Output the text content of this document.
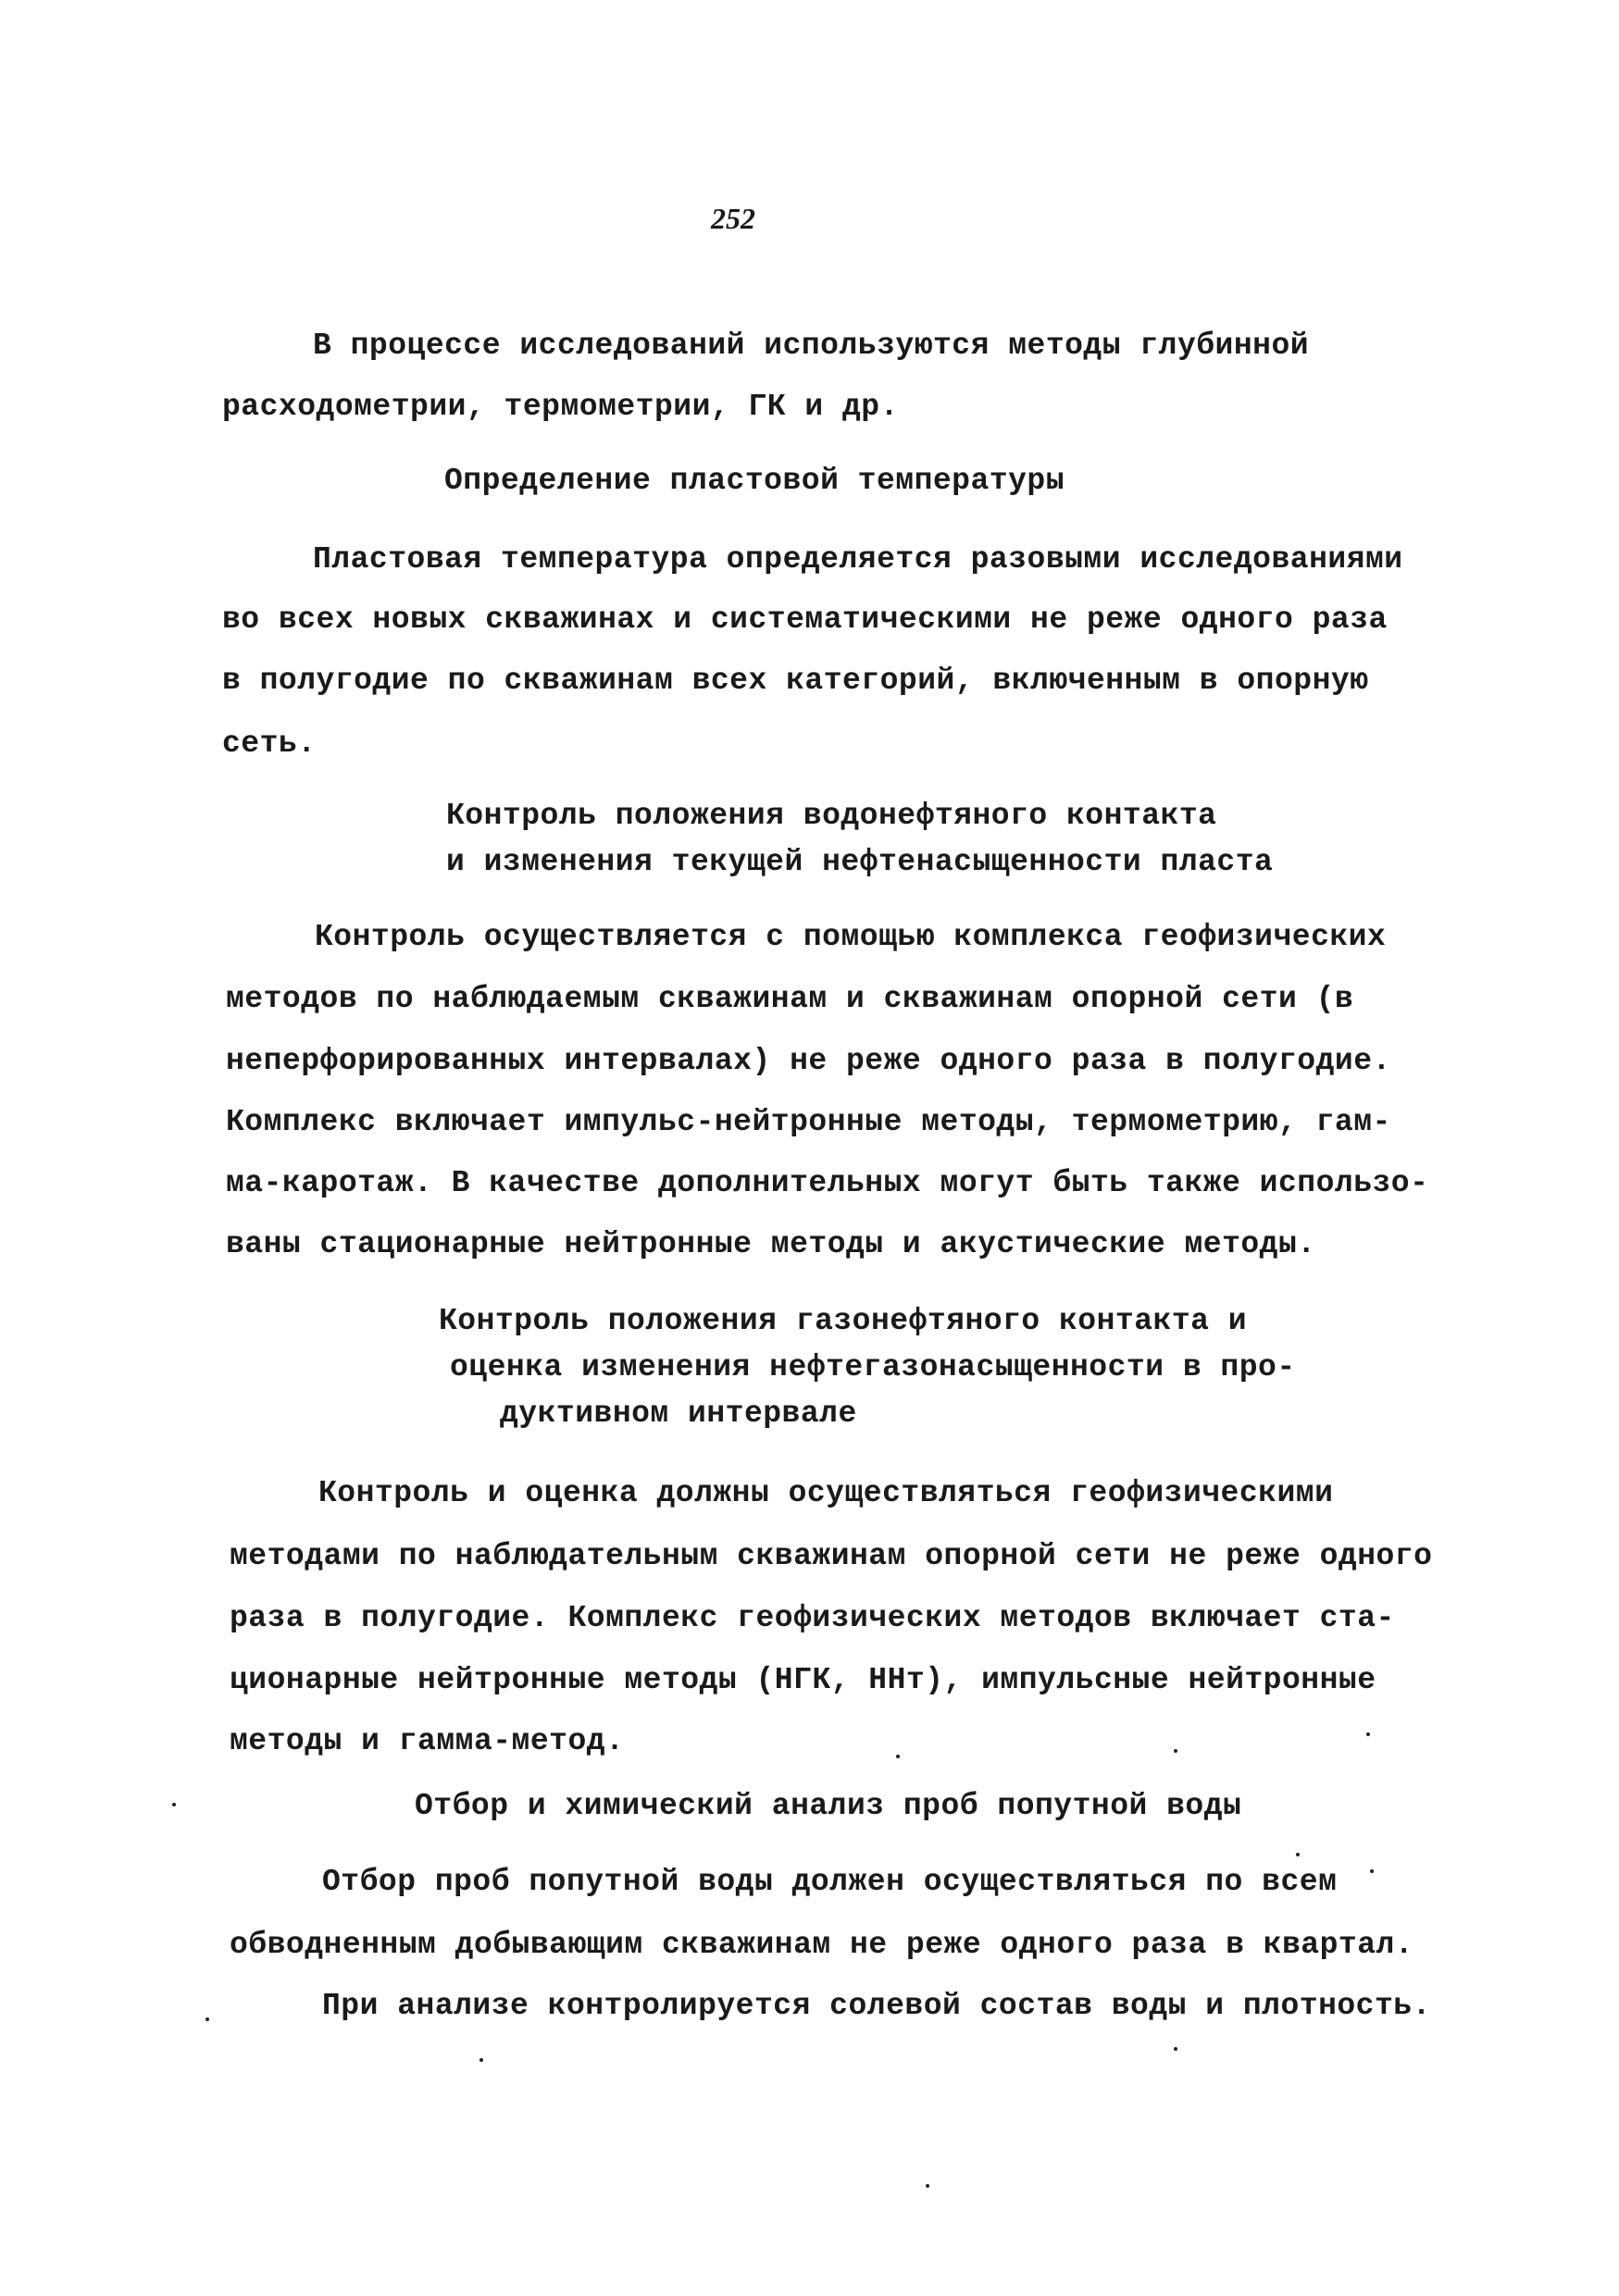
252
В процессе исследований используются методы глубинной
расходометрии, термометрии, ГК и др.
Определение пластовой температуры
Пластовая температура определяется разовыми исследованиями
во всех новых скважинах и систематическими не реже одного раза
в полугодие по скважинам всех категорий, включенным в опорную
сеть.
Контроль положения водонефтяного контакта
и изменения текущей нефтенасыщенности пласта
Контроль осуществляется с помощью комплекса геофизических
методов по наблюдаемым скважинам и скважинам опорной сети (в
неперфорированных интервалах) не реже одного раза в полугодие.
Комплекс включает импульс-нейтронные методы, термометрию, гам-
ма-каротаж. В качестве дополнительных могут быть также использо-
ваны стационарные нейтронные методы и акустические методы.
Контроль положения газонефтяного контакта и
оценка изменения нефтегазонасыщенности в про-
дуктивном интервале
Контроль и оценка должны осуществляться геофизическими
методами по наблюдательным скважинам опорной сети не реже одного
раза в полугодие. Комплекс геофизических методов включает ста-
ционарные нейтронные методы (НГК, ННт), импульсные нейтронные
методы и гамма-метод.
Отбор и химический анализ проб попутной воды
Отбор проб попутной воды должен осуществляться по всем
обводненным добывающим скважинам не реже одного раза в квартал.
При анализе контролируется солевой состав воды и плотность.
